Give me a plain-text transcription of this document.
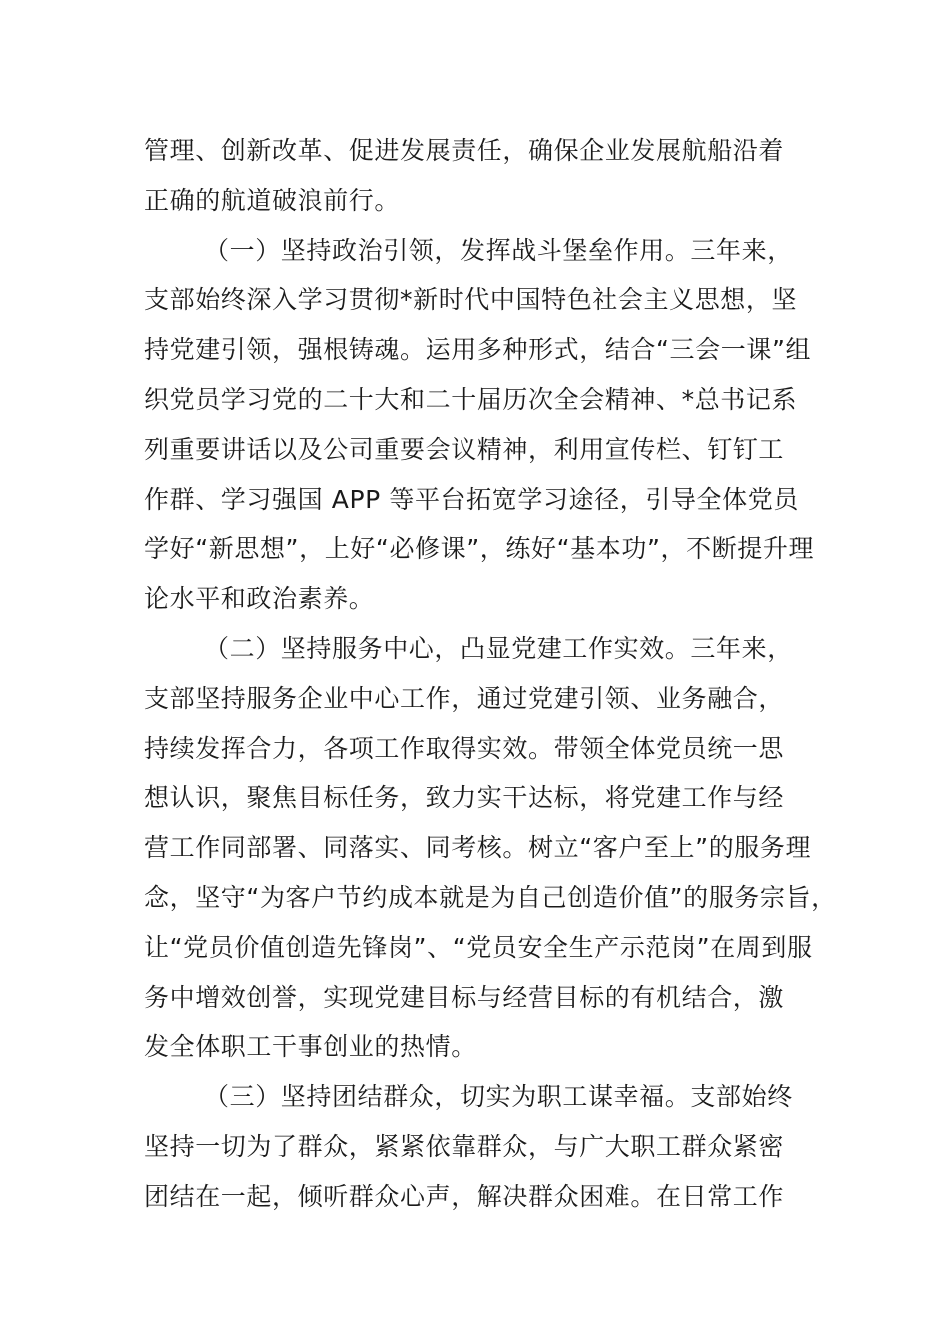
管理、创新改革、促进发展责任，确保企业发展航船沿着
正确的航道破浪前行。
（一）坚持政治引领，发挥战斗堡垒作用。三年来，
支部始终深入学习贯彻*新时代中国特色社会主义思想，坚
持党建引领，强根铸魂。运用多种形式，结合“三会一课”组
织党员学习党的二十大和二十届历次全会精神、*总书记系
列重要讲话以及公司重要会议精神，利用宣传栏、钉钉工
作群、学习强国 APP 等平台拓宽学习途径，引导全体党员
学好“新思想”，上好“必修课”，练好“基本功”，不断提升理
论水平和政治素养。
（二）坚持服务中心，凸显党建工作实效。三年来，
支部坚持服务企业中心工作，通过党建引领、业务融合，
持续发挥合力，各项工作取得实效。带领全体党员统一思
想认识，聚焦目标任务，致力实干达标，将党建工作与经
营工作同部署、同落实、同考核。树立“客户至上”的服务理
念，坚守“为客户节约成本就是为自己创造价值”的服务宗旨，
让“党员价值创造先锋岗”、“党员安全生产示范岗”在周到服
务中增效创誉，实现党建目标与经营目标的有机结合，激
发全体职工干事创业的热情。
（三）坚持团结群众，切实为职工谋幸福。支部始终
坚持一切为了群众，紧紧依靠群众，与广大职工群众紧密
团结在一起，倾听群众心声，解决群众困难。在日常工作
